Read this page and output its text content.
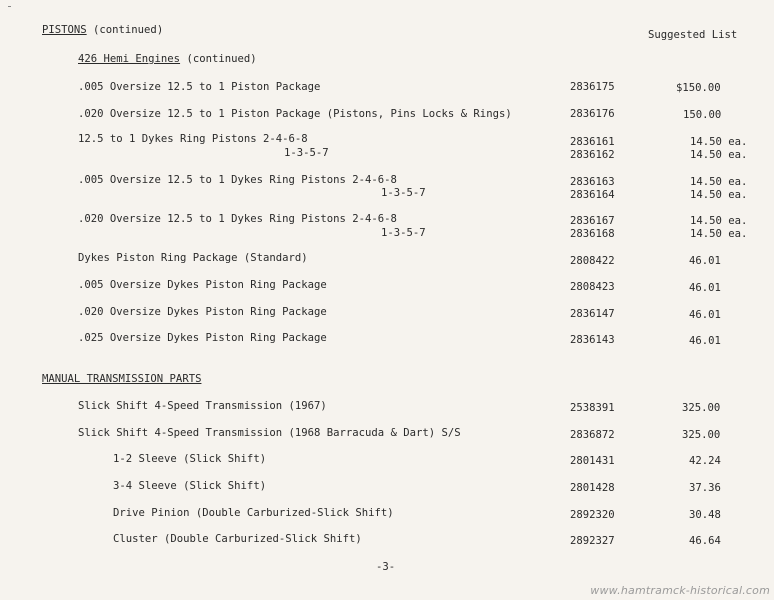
PISTONS (continued)	Suggested List
426 Hemi Engines (continued)
.005 Oversize 12.5 to 1 Piston Package	2836175	$150.00
.020 Oversize 12.5 to 1 Piston Package (Pistons, Pins Locks & Rings)	2836176	150.00
12.5 to 1 Dykes Ring Pistons 2-4-6-8	2836161	14.50 ea.
1-3-5-7	2836162	14.50 ea.
.005 Oversize 12.5 to 1 Dykes Ring Pistons 2-4-6-8	2836163	14.50 ea.
1-3-5-7	2836164	14.50 ea.
.020 Oversize 12.5 to 1 Dykes Ring Pistons 2-4-6-8	2836167	14.50 ea.
1-3-5-7	2836168	14.50 ea.
Dykes Piston Ring Package (Standard)	2808422	46.01
.005 Oversize Dykes Piston Ring Package	2808423	46.01
.020 Oversize Dykes Piston Ring Package	2836147	46.01
.025 Oversize Dykes Piston Ring Package	2836143	46.01
MANUAL TRANSMISSION PARTS
Slick Shift 4-Speed Transmission (1967)	2538391	325.00
Slick Shift 4-Speed Transmission (1968 Barracuda & Dart) S/S	2836872	325.00
1-2 Sleeve (Slick Shift)	2801431	42.24
3-4 Sleeve (Slick Shift)	2801428	37.36
Drive Pinion (Double Carburized-Slick Shift)	2892320	30.48
Cluster (Double Carburized-Slick Shift)	2892327	46.64
-3-
www.hamtramck-historical.com
